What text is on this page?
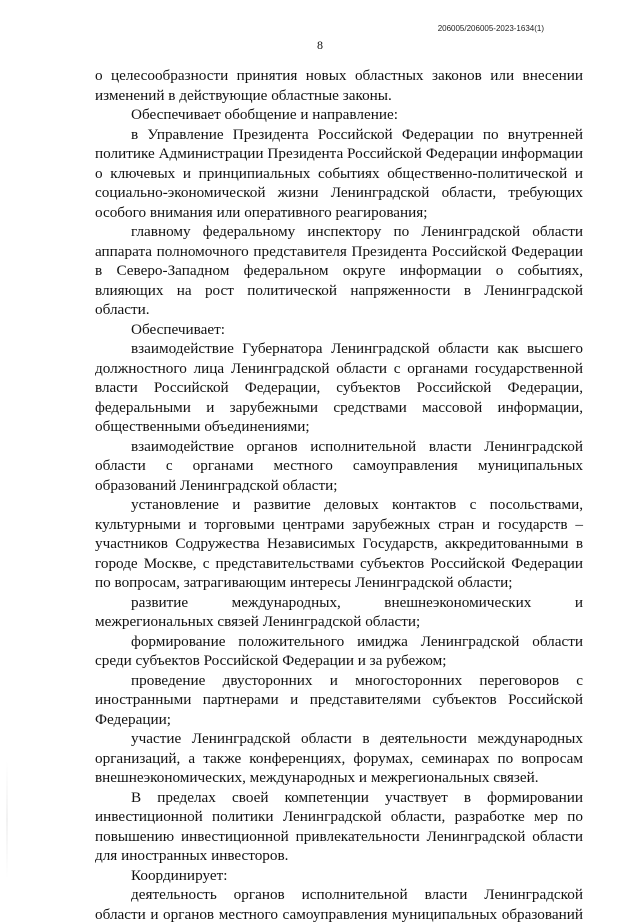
206005/206005-2023-1634(1)
8

о целесообразности принятия новых областных законов или внесении изменений в действующие областные законы.

Обеспечивает обобщение и направление:

в Управление Президента Российской Федерации по внутренней политике Администрации Президента Российской Федерации информации о ключевых и принципиальных событиях общественно-политической и социально-экономической жизни Ленинградской области, требующих особого внимания или оперативного реагирования;

главному федеральному инспектору по Ленинградской области аппарата полномочного представителя Президента Российской Федерации в Северо-Западном федеральном округе информации о событиях, влияющих на рост политической напряженности в Ленинградской области.

Обеспечивает:

взаимодействие Губернатора Ленинградской области как высшего должностного лица Ленинградской области с органами государственной власти Российской Федерации, субъектов Российской Федерации, федеральными и зарубежными средствами массовой информации, общественными объединениями;

взаимодействие органов исполнительной власти Ленинградской области с органами местного самоуправления муниципальных образований Ленинградской области;

установление и развитие деловых контактов с посольствами, культурными и торговыми центрами зарубежных стран и государств – участников Содружества Независимых Государств, аккредитованными в городе Москве, с представительствами субъектов Российской Федерации по вопросам, затрагивающим интересы Ленинградской области;

развитие международных, внешнеэкономических и межрегиональных связей Ленинградской области;

формирование положительного имиджа Ленинградской области среди субъектов Российской Федерации и за рубежом;

проведение двусторонних и многосторонних переговоров с иностранными партнерами и представителями субъектов Российской Федерации;

участие Ленинградской области в деятельности международных организаций, а также конференциях, форумах, семинарах по вопросам внешнеэкономических, международных и межрегиональных связей.

В пределах своей компетенции участвует в формировании инвестиционной политики Ленинградской области, разработке мер по повышению инвестиционной привлекательности Ленинградской области для иностранных инвесторов.

Координирует:

деятельность органов исполнительной власти Ленинградской области и органов местного самоуправления муниципальных образований
